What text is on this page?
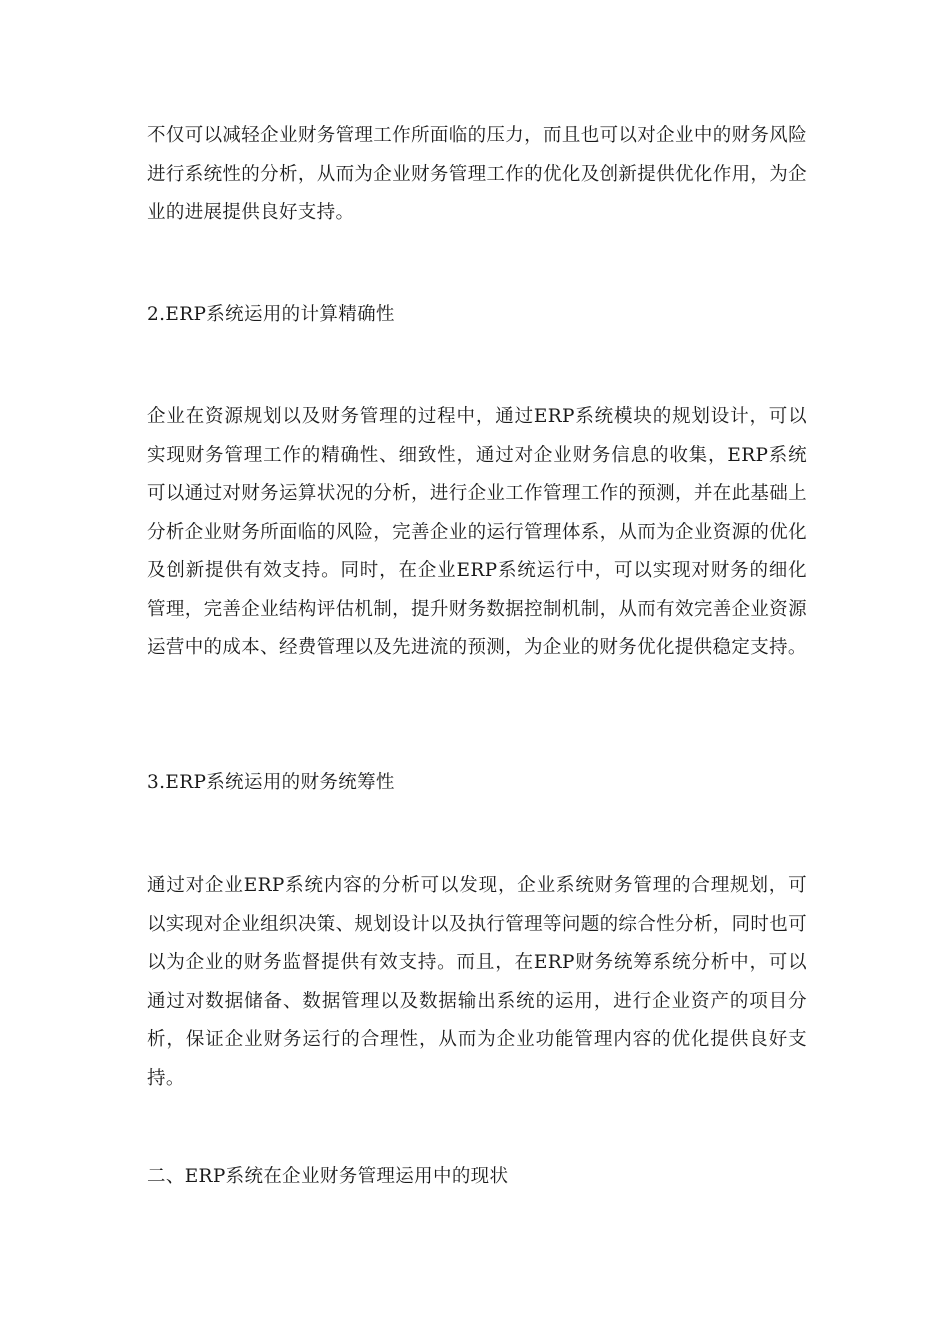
不仅可以减轻企业财务管理工作所面临的压力，而且也可以对企业中的财务风险进行系统性的分析，从而为企业财务管理工作的优化及创新提供优化作用，为企业的进展提供良好支持。

2.ERP系统运用的计算精确性

企业在资源规划以及财务管理的过程中，通过ERP系统模块的规划设计，可以实现财务管理工作的精确性、细致性，通过对企业财务信息的收集，ERP系统可以通过对财务运算状况的分析，进行企业工作管理工作的预测，并在此基础上分析企业财务所面临的风险，完善企业的运行管理体系，从而为企业资源的优化及创新提供有效支持。同时，在企业ERP系统运行中，可以实现对财务的细化管理，完善企业结构评估机制，提升财务数据控制机制，从而有效完善企业资源运营中的成本、经费管理以及先进流的预测，为企业的财务优化提供稳定支持。

3.ERP系统运用的财务统筹性

通过对企业ERP系统内容的分析可以发现，企业系统财务管理的合理规划，可以实现对企业组织决策、规划设计以及执行管理等问题的综合性分析，同时也可以为企业的财务监督提供有效支持。而且，在ERP财务统筹系统分析中，可以通过对数据储备、数据管理以及数据输出系统的运用，进行企业资产的项目分析，保证企业财务运行的合理性，从而为企业功能管理内容的优化提供良好支持。

二、ERP系统在企业财务管理运用中的现状
